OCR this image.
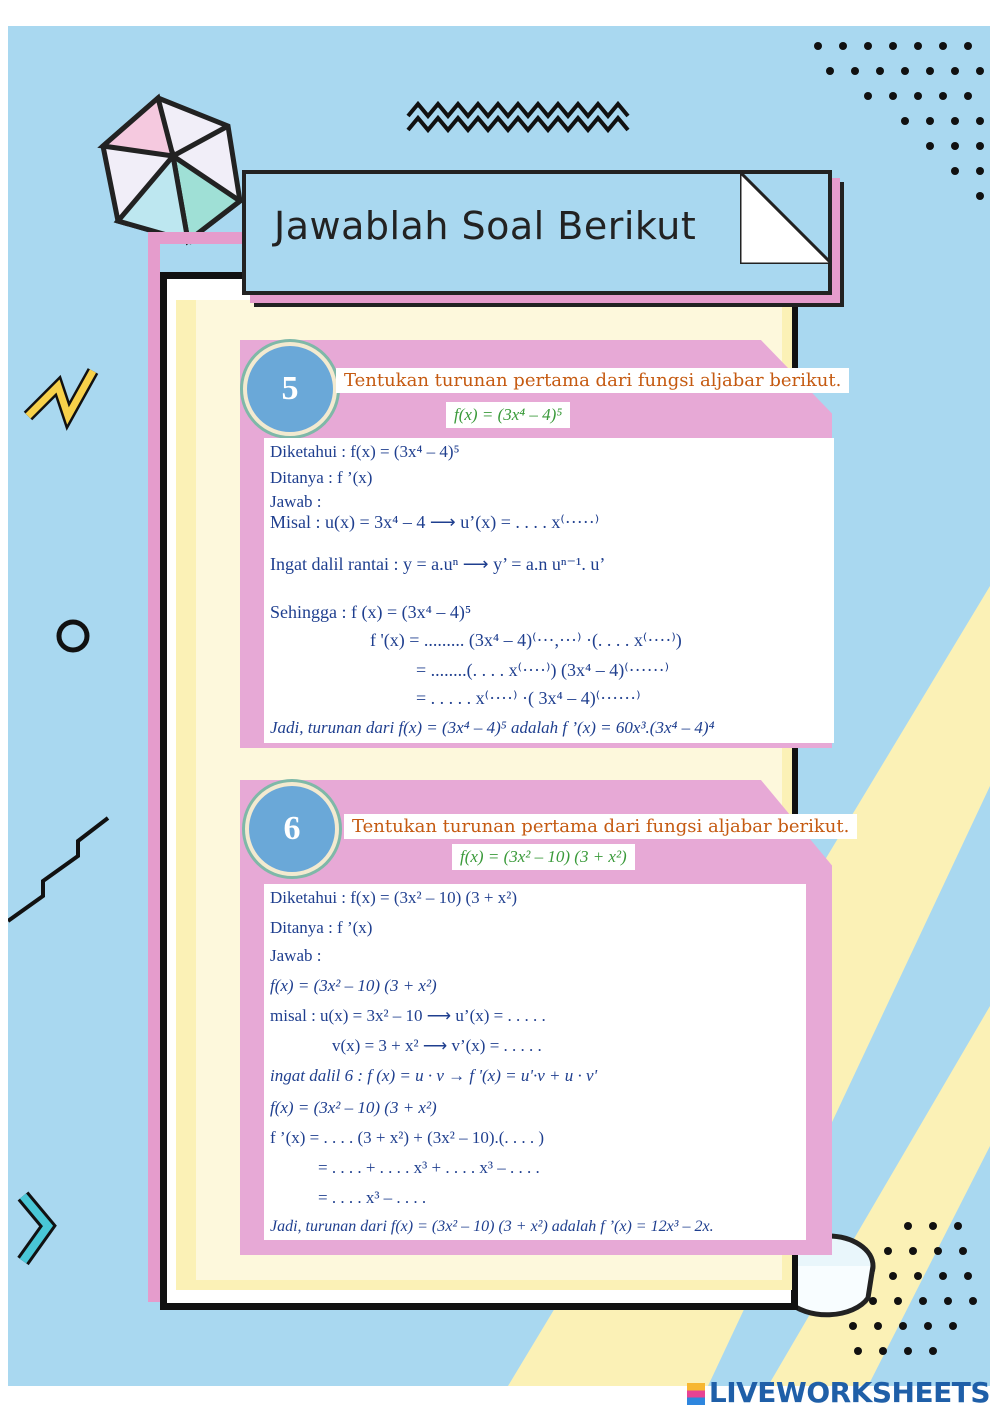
Jawablah Soal Berikut
5	Tentukan turunan pertama dari fungsi aljabar berikut.
f(x) = (3x⁴ – 4)⁵
Diketahui : f(x) = (3x⁴ – 4)⁵
Ditanya : f ’(x)
Jawab :
Misal : u(x) = 3x⁴ – 4 ⟶ u’(x) = . . . . x⁽·····⁾
Ingat dalil rantai : y = a.uⁿ ⟶ y’ = a.n uⁿ⁻¹. u’
Sehingga : f (x) = (3x⁴ – 4)⁵
f '(x) = ......... (3x⁴ – 4)⁽···,···⁾ ·(. . . . x⁽····⁾)
= ........(. . . . x⁽····⁾) (3x⁴ – 4)⁽······⁾
= . . . . . x⁽····⁾ ·( 3x⁴ – 4)⁽······⁾
Jadi, turunan dari f(x) = (3x⁴ – 4)⁵ adalah f ’(x) = 60x³.(3x⁴ – 4)⁴
6	Tentukan turunan pertama dari fungsi aljabar berikut.
f(x) = (3x² – 10) (3 + x²)
Diketahui : f(x) = (3x² – 10) (3 + x²)
Ditanya : f ’(x)
Jawab :
f(x) = (3x² – 10) (3 + x²)
misal : u(x) = 3x² – 10 ⟶ u’(x) = . . . . .
v(x) = 3 + x² ⟶ v’(x) = . . . . .
ingat dalil 6 : f (x) = u · v → f '(x) = u'·v + u · v'
f(x) = (3x² – 10) (3 + x²)
f ’(x) = . . . . (3 + x²) + (3x² – 10).(. . . . )
= . . . . + . . . . x³ + . . . . x³ – . . . .
= . . . . x³ – . . . .
Jadi, turunan dari f(x) = (3x² – 10) (3 + x²) adalah f ’(x) = 12x³ – 2x.
LIVEWORKSHEETS
